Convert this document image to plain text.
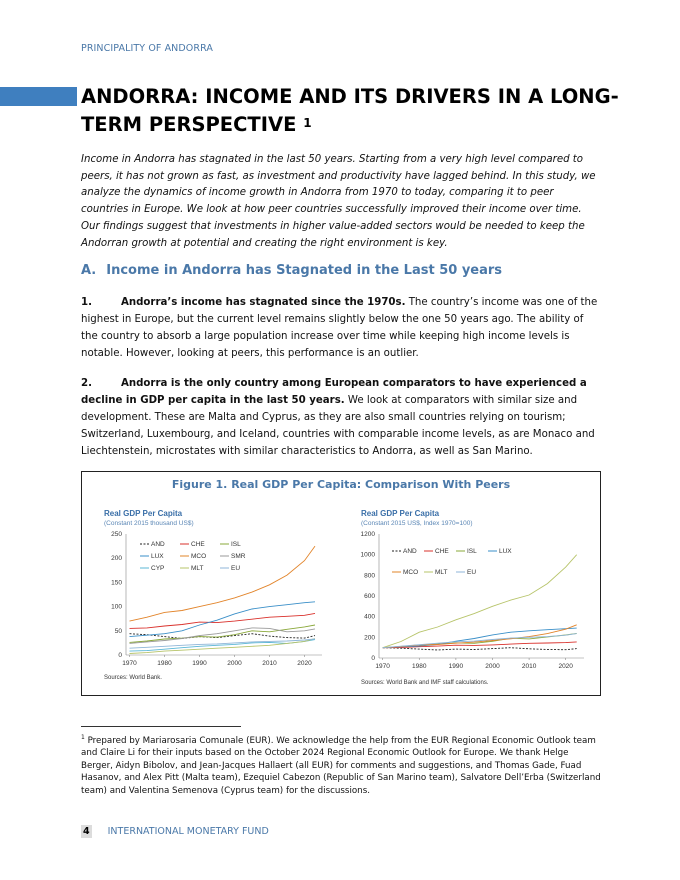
PRINCIPALITY OF ANDORRA
ANDORRA: INCOME AND ITS DRIVERS IN A LONG-TERM PERSPECTIVE $^1$
Income in Andorra has stagnated in the last 50 years. Starting from a very high level compared to peers, it has not grown as fast, as investment and productivity have lagged behind. In this study, we analyze the dynamics of income growth in Andorra from 1970 to today, comparing it to peer countries in Europe. We look at how peer countries successfully improved their income over time. Our findings suggest that investments in higher value-added sectors would be needed to keep the Andorran growth at potential and creating the right environment is key.
A. Income in Andorra has Stagnated in the Last 50 years
1.	Andorra’s income has stagnated since the 1970s. The country’s income was one of the highest in Europe, but the current level remains slightly below the one 50 years ago. The ability of the country to absorb a large population increase over time while keeping high income levels is notable. However, looking at peers, this performance is an outlier.
2.	Andorra is the only country among European comparators to have experienced a decline in GDP per capita in the last 50 years. We look at comparators with similar size and development. These are Malta and Cyprus, as they are also small countries relying on tourism; Switzerland, Luxembourg, and Iceland, countries with comparable income levels, as are Monaco and Liechtenstein, microstates with similar characteristics to Andorra, as well as San Marino.
Figure 1. Real GDP Per Capita: Comparison With Peers
Real GDP Per Capita
(Constant 2015 thousand US$)
0
50
100
150
200
250
1970	1980	1990	2000	2010	2020
AND	CHE	ISL
LUX	MCO	SMR
CYP	MLT	EU
Sources: World Bank.
Real GDP Per Capita
(Constant 2015 US$, Index 1970=100)
0
200
400
600
800
1000
1200
1970	1980	1990	2000	2010	2020
AND	CHE	ISL	LUX
MCO	MLT	EU
Sources: World Bank and IMF staff calculations.
$^1$ Prepared by Mariarosaria Comunale (EUR). We acknowledge the help from the EUR Regional Economic Outlook team and Claire Li for their inputs based on the October 2024 Regional Economic Outlook for Europe. We thank Helge Berger, Aidyn Bibolov, and Jean-Jacques Hallaert (all EUR) for comments and suggestions, and Thomas Gade, Fuad Hasanov, and Alex Pitt (Malta team), Ezequiel Cabezon (Republic of San Marino team), Salvatore Dell’Erba (Switzerland team) and Valentina Semenova (Cyprus team) for the discussions.
4 INTERNATIONAL MONETARY FUND
